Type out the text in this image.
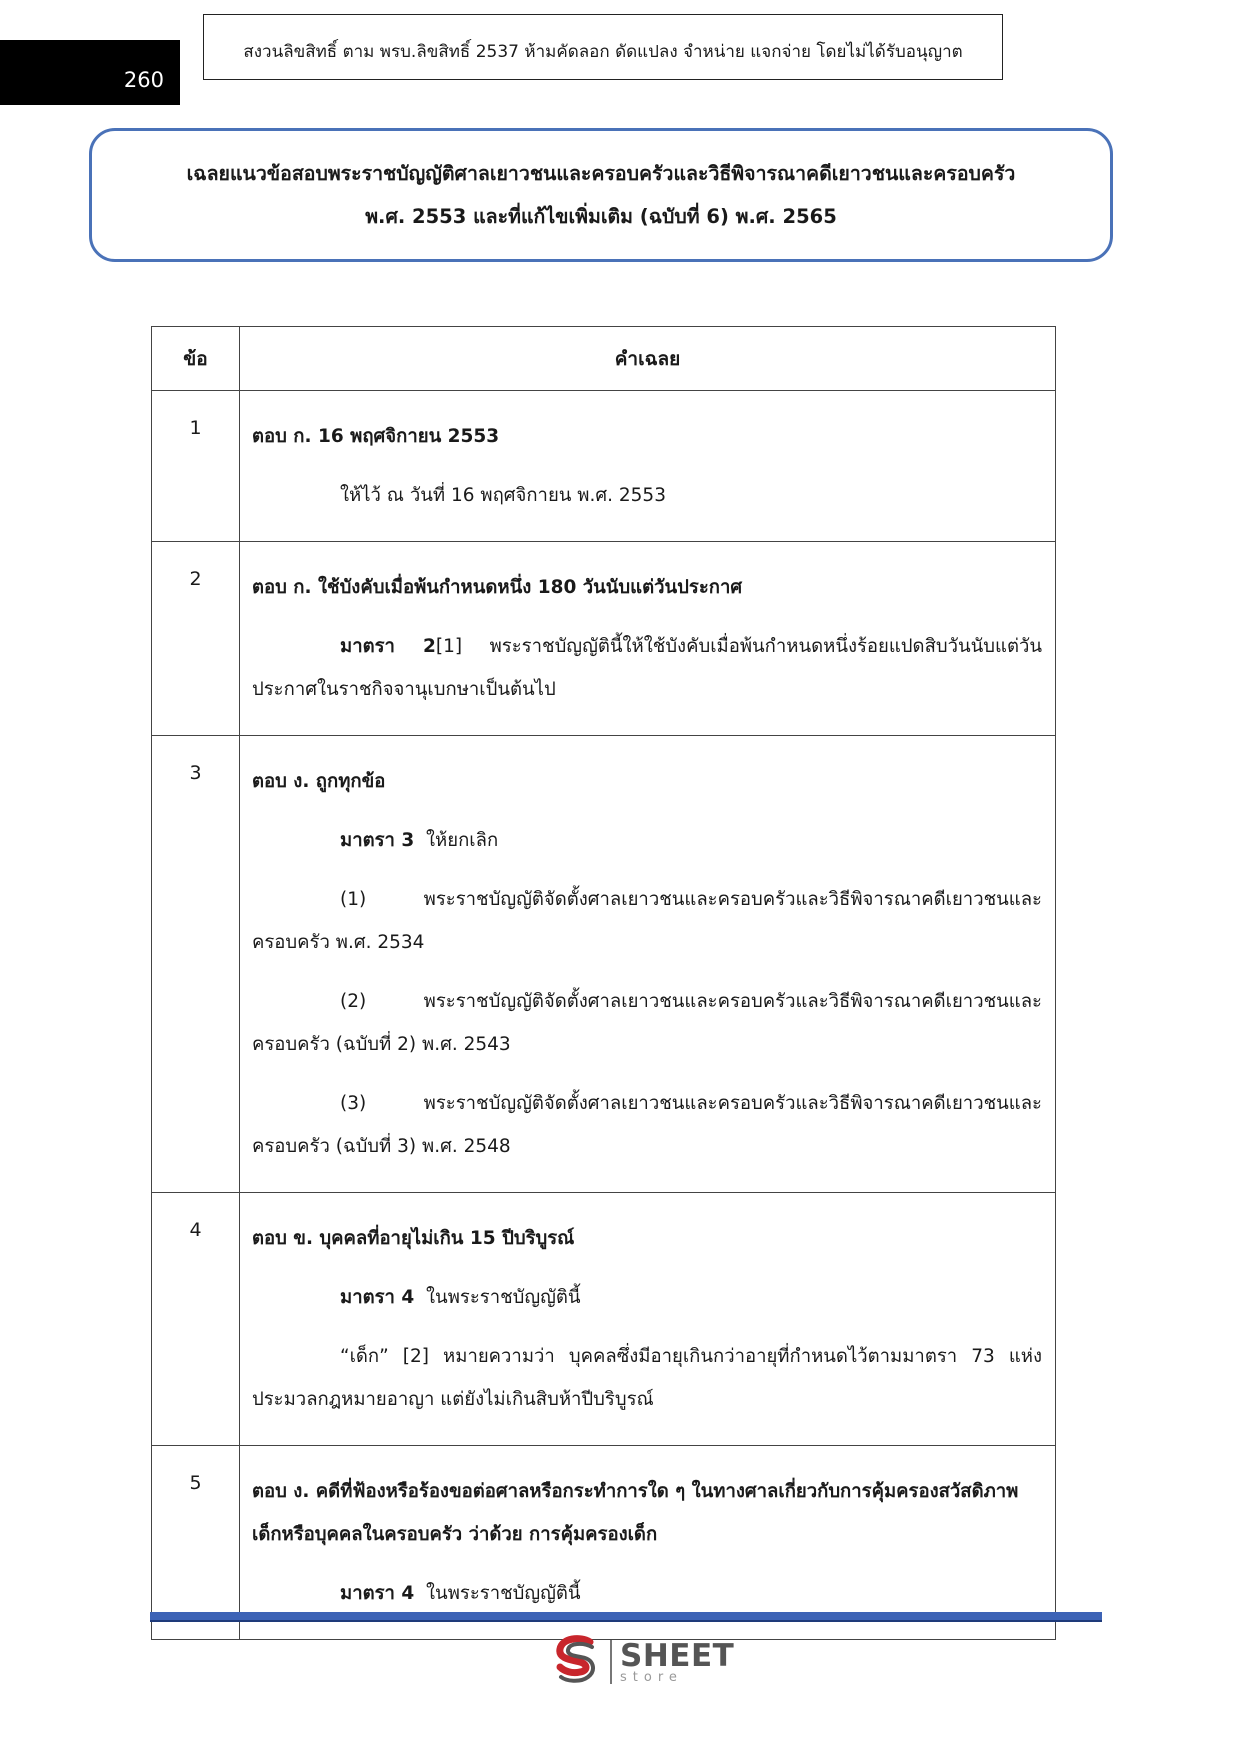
260
สงวนลิขสิทธิ์ ตาม พรบ.ลิขสิทธิ์ 2537 ห้ามคัดลอก ดัดแปลง จำหน่าย แจกจ่าย โดยไม่ได้รับอนุญาต
เฉลยแนวข้อสอบพระราชบัญญัติศาลเยาวชนและครอบครัวและวิธีพิจารณาคดีเยาวชนและครอบครัว
พ.ศ. 2553 และที่แก้ไขเพิ่มเติม (ฉบับที่ 6) พ.ศ. 2565
ข้อ	คำเฉลย
1	ตอบ ก. 16 พฤศจิกายน 2553
ให้ไว้ ณ วันที่ 16 พฤศจิกายน พ.ศ. 2553

2	ตอบ ก. ใช้บังคับเมื่อพ้นกำหนดหนึ่ง 180 วันนับแต่วันประกาศ
มาตรา 2[1] พระราชบัญญัตินี้ให้ใช้บังคับเมื่อพ้นกำหนดหนึ่งร้อยแปดสิบวันนับแต่วันประกาศในราชกิจจานุเบกษาเป็นต้นไป

3	ตอบ ง. ถูกทุกข้อ
มาตรา 3 ให้ยกเลิก
(1) พระราชบัญญัติจัดตั้งศาลเยาวชนและครอบครัวและวิธีพิจารณาคดีเยาวชนและครอบครัว พ.ศ. 2534
(2) พระราชบัญญัติจัดตั้งศาลเยาวชนและครอบครัวและวิธีพิจารณาคดีเยาวชนและครอบครัว (ฉบับที่ 2) พ.ศ. 2543
(3) พระราชบัญญัติจัดตั้งศาลเยาวชนและครอบครัวและวิธีพิจารณาคดีเยาวชนและครอบครัว (ฉบับที่ 3) พ.ศ. 2548

4	ตอบ ข. บุคคลที่อายุไม่เกิน 15 ปีบริบูรณ์
มาตรา 4 ในพระราชบัญญัตินี้
“เด็ก” [2] หมายความว่า บุคคลซึ่งมีอายุเกินกว่าอายุที่กำหนดไว้ตามมาตรา 73 แห่งประมวลกฎหมายอาญา แต่ยังไม่เกินสิบห้าปีบริบูรณ์

5	ตอบ ง. คดีที่ฟ้องหรือร้องขอต่อศาลหรือกระทำการใด ๆ ในทางศาลเกี่ยวกับการคุ้มครองสวัสดิภาพเด็กหรือบุคคลในครอบครัว ว่าด้วย การคุ้มครองเด็ก
มาตรา 4 ในพระราชบัญญัตินี้
SHEET
store
